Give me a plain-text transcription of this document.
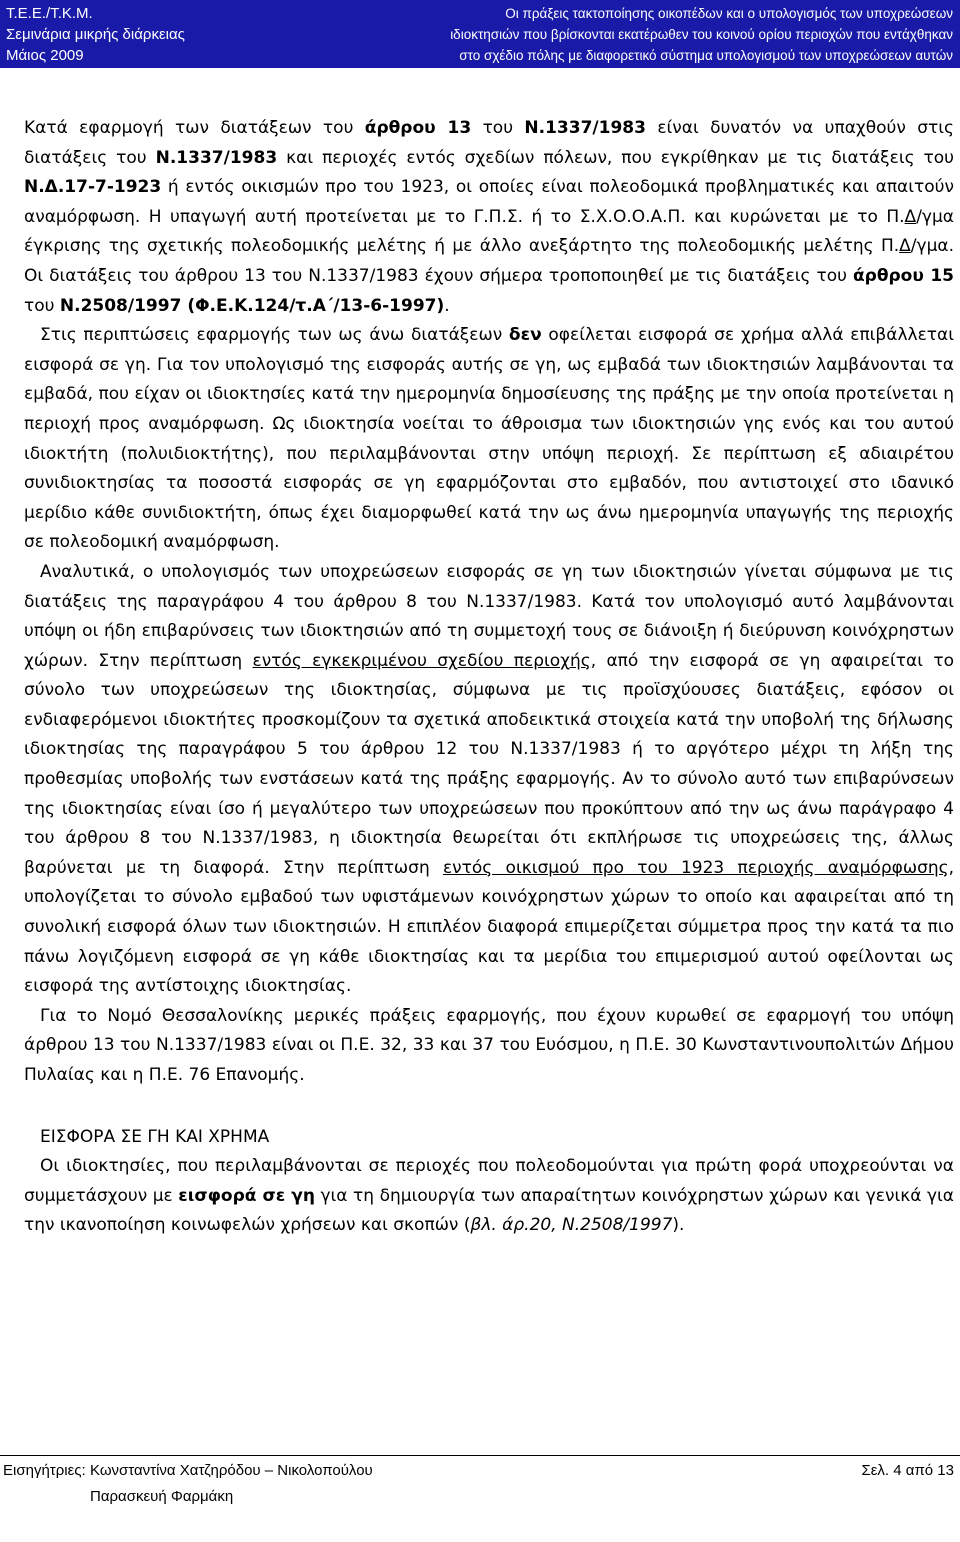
Τ.Ε.Ε./Τ.Κ.Μ.
Σεμινάρια μικρής διάρκειας
Μάιος 2009
Οι πράξεις τακτοποίησης οικοπέδων και ο υπολογισμός των υποχρεώσεων
ιδιοκτησιών που βρίσκονται εκατέρωθεν του κοινού ορίου περιοχών που εντάχθηκαν
στο σχέδιο πόλης με διαφορετικό σύστημα υπολογισμού των υποχρεώσεων αυτών

Κατά εφαρμογή των διατάξεων του άρθρου 13 του Ν.1337/1983 είναι δυνατόν να υπαχθούν στις διατάξεις του Ν.1337/1983 και περιοχές εντός σχεδίων πόλεων, που εγκρίθηκαν με τις διατάξεις του Ν.Δ.17-7-1923 ή εντός οικισμών προ του 1923, οι οποίες είναι πολεοδομικά προβληματικές και απαιτούν αναμόρφωση. Η υπαγωγή αυτή προτείνεται με το Γ.Π.Σ. ή το Σ.Χ.Ο.Ο.Α.Π. και κυρώνεται με το Π.Δ/γμα έγκρισης της σχετικής πολεοδομικής μελέτης ή με άλλο ανεξάρτητο της πολεοδομικής μελέτης Π.Δ/γμα. Οι διατάξεις του άρθρου 13 του Ν.1337/1983 έχουν σήμερα τροποποιηθεί με τις διατάξεις του άρθρου 15 του Ν.2508/1997 (Φ.Ε.Κ.124/τ.Α΄/13-6-1997).

Στις περιπτώσεις εφαρμογής των ως άνω διατάξεων δεν οφείλεται εισφορά σε χρήμα αλλά επιβάλλεται εισφορά σε γη. Για τον υπολογισμό της εισφοράς αυτής σε γη, ως εμβαδά των ιδιοκτησιών λαμβάνονται τα εμβαδά, που είχαν οι ιδιοκτησίες κατά την ημερομηνία δημοσίευσης της πράξης με την οποία προτείνεται η περιοχή προς αναμόρφωση. Ως ιδιοκτησία νοείται το άθροισμα των ιδιοκτησιών γης ενός και του αυτού ιδιοκτήτη (πολυιδιοκτήτης), που περιλαμβάνονται στην υπόψη περιοχή. Σε περίπτωση εξ αδιαιρέτου συνιδιοκτησίας τα ποσοστά εισφοράς σε γη εφαρμόζονται στο εμβαδόν, που αντιστοιχεί στο ιδανικό μερίδιο κάθε συνιδιοκτήτη, όπως έχει διαμορφωθεί κατά την ως άνω ημερομηνία υπαγωγής της περιοχής σε πολεοδομική αναμόρφωση.

Αναλυτικά, ο υπολογισμός των υποχρεώσεων εισφοράς σε γη των ιδιοκτησιών γίνεται σύμφωνα με τις διατάξεις της παραγράφου 4 του άρθρου 8 του Ν.1337/1983. Κατά τον υπολογισμό αυτό λαμβάνονται υπόψη οι ήδη επιβαρύνσεις των ιδιοκτησιών από τη συμμετοχή τους σε διάνοιξη ή διεύρυνση κοινόχρηστων χώρων. Στην περίπτωση εντός εγκεκριμένου σχεδίου περιοχής, από την εισφορά σε γη αφαιρείται το σύνολο των υποχρεώσεων της ιδιοκτησίας, σύμφωνα με τις προϊσχύουσες διατάξεις, εφόσον οι ενδιαφερόμενοι ιδιοκτήτες προσκομίζουν τα σχετικά αποδεικτικά στοιχεία κατά την υποβολή της δήλωσης ιδιοκτησίας της παραγράφου 5 του άρθρου 12 του Ν.1337/1983 ή το αργότερο μέχρι τη λήξη της προθεσμίας υποβολής των ενστάσεων κατά της πράξης εφαρμογής. Αν το σύνολο αυτό των επιβαρύνσεων της ιδιοκτησίας είναι ίσο ή μεγαλύτερο των υποχρεώσεων που προκύπτουν από την ως άνω παράγραφο 4 του άρθρου 8 του Ν.1337/1983, η ιδιοκτησία θεωρείται ότι εκπλήρωσε τις υποχρεώσεις της, άλλως βαρύνεται με τη διαφορά. Στην περίπτωση εντός οικισμού προ του 1923 περιοχής αναμόρφωσης, υπολογίζεται το σύνολο εμβαδού των υφιστάμενων κοινόχρηστων χώρων το οποίο και αφαιρείται από τη συνολική εισφορά όλων των ιδιοκτησιών. Η επιπλέον διαφορά επιμερίζεται σύμμετρα προς την κατά τα πιο πάνω λογιζόμενη εισφορά σε γη κάθε ιδιοκτησίας και τα μερίδια του επιμερισμού αυτού οφείλονται ως εισφορά της αντίστοιχης ιδιοκτησίας.

Για το Νομό Θεσσαλονίκης μερικές πράξεις εφαρμογής, που έχουν κυρωθεί σε εφαρμογή του υπόψη άρθρου 13 του Ν.1337/1983 είναι οι Π.Ε. 32, 33 και 37 του Ευόσμου, η Π.Ε. 30 Κωνσταντινουπολιτών Δήμου Πυλαίας και η Π.Ε. 76 Επανομής.

ΕΙΣΦΟΡΑ ΣΕ ΓΗ ΚΑΙ ΧΡΗΜΑ

Οι ιδιοκτησίες, που περιλαμβάνονται σε περιοχές που πολεοδομούνται για πρώτη φορά υποχρεούνται να συμμετάσχουν με εισφορά σε γη για τη δημιουργία των απαραίτητων κοινόχρηστων χώρων και γενικά για την ικανοποίηση κοινωφελών χρήσεων και σκοπών (βλ. άρ.20, Ν.2508/1997).

Εισηγήτριες: Κωνσταντίνα Χατζηρόδου – Νικολοπούλου
Παρασκευή Φαρμάκη
Σελ. 4 από 13
